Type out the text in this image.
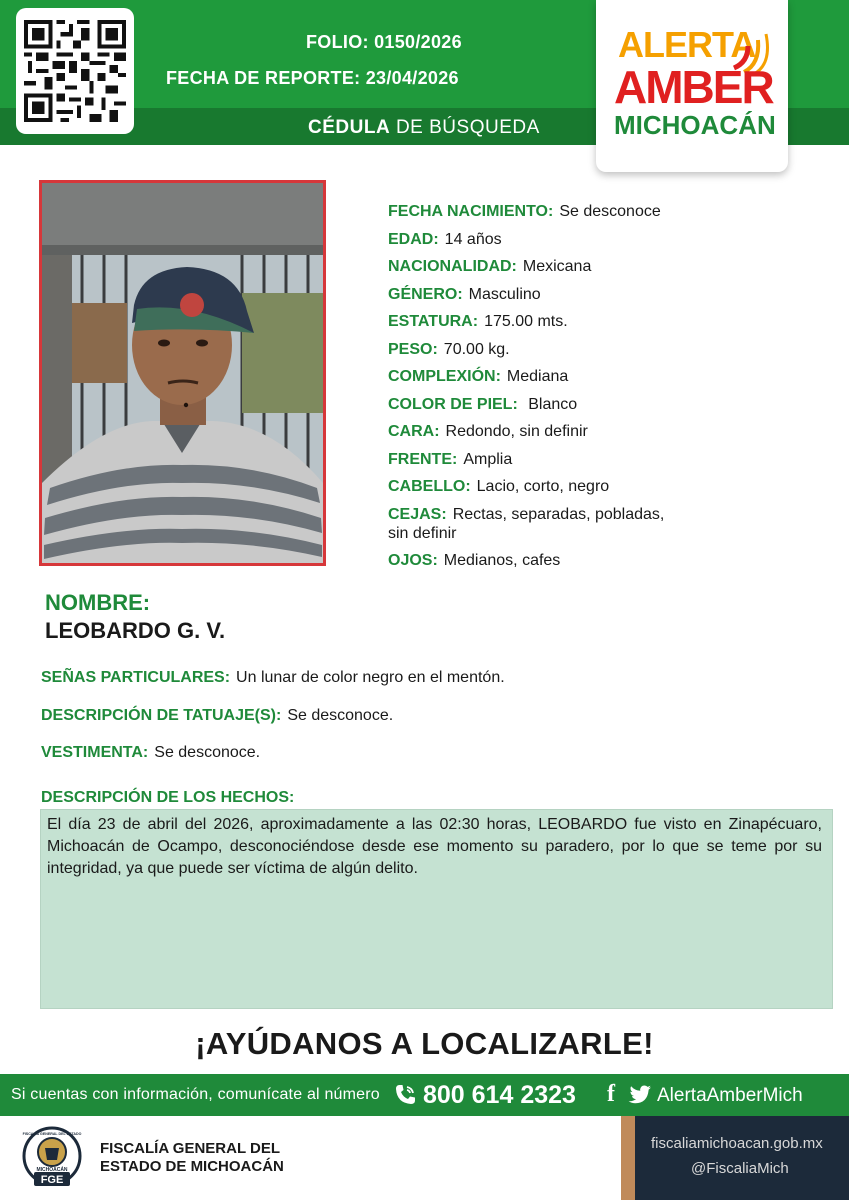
FOLIO: 0150/2026
FECHA DE REPORTE: 23/04/2026
CÉDULA DE BÚSQUEDA
ALERTA
AMBER
MICHOACÁN
FECHA NACIMIENTO: Se desconoce
EDAD: 14 años
NACIONALIDAD: Mexicana
GÉNERO: Masculino
ESTATURA: 175.00 mts.
PESO: 70.00 kg.
COMPLEXIÓN: Mediana
COLOR DE PIEL: Blanco
CARA: Redondo, sin definir
FRENTE: Amplia
CABELLO: Lacio, corto, negro
CEJAS: Rectas, separadas, pobladas, sin definir
OJOS: Medianos, cafes
NOMBRE:
LEOBARDO G. V.
SEÑAS PARTICULARES: Un lunar de color negro en el mentón.
DESCRIPCIÓN DE TATUAJE(S): Se desconoce.
VESTIMENTA: Se desconoce.
DESCRIPCIÓN DE LOS HECHOS:
El día 23 de abril del 2026, aproximadamente a las 02:30 horas, LEOBARDO fue visto en Zinapécuaro, Michoacán de Ocampo, desconociéndose desde ese momento su paradero, por lo que se teme por su integridad, ya que puede ser víctima de algún delito.
¡AYÚDANOS A LOCALIZARLE!
Si cuentas con información, comunícate al número 800 614 2323 f AlertaAmberMich
FGE
MICHOACÁN
FISCALÍA GENERAL DEL ESTADO
FISCALÍA GENERAL DEL
ESTADO DE MICHOACÁN
fiscaliamichoacan.gob.mx
@FiscaliaMich
